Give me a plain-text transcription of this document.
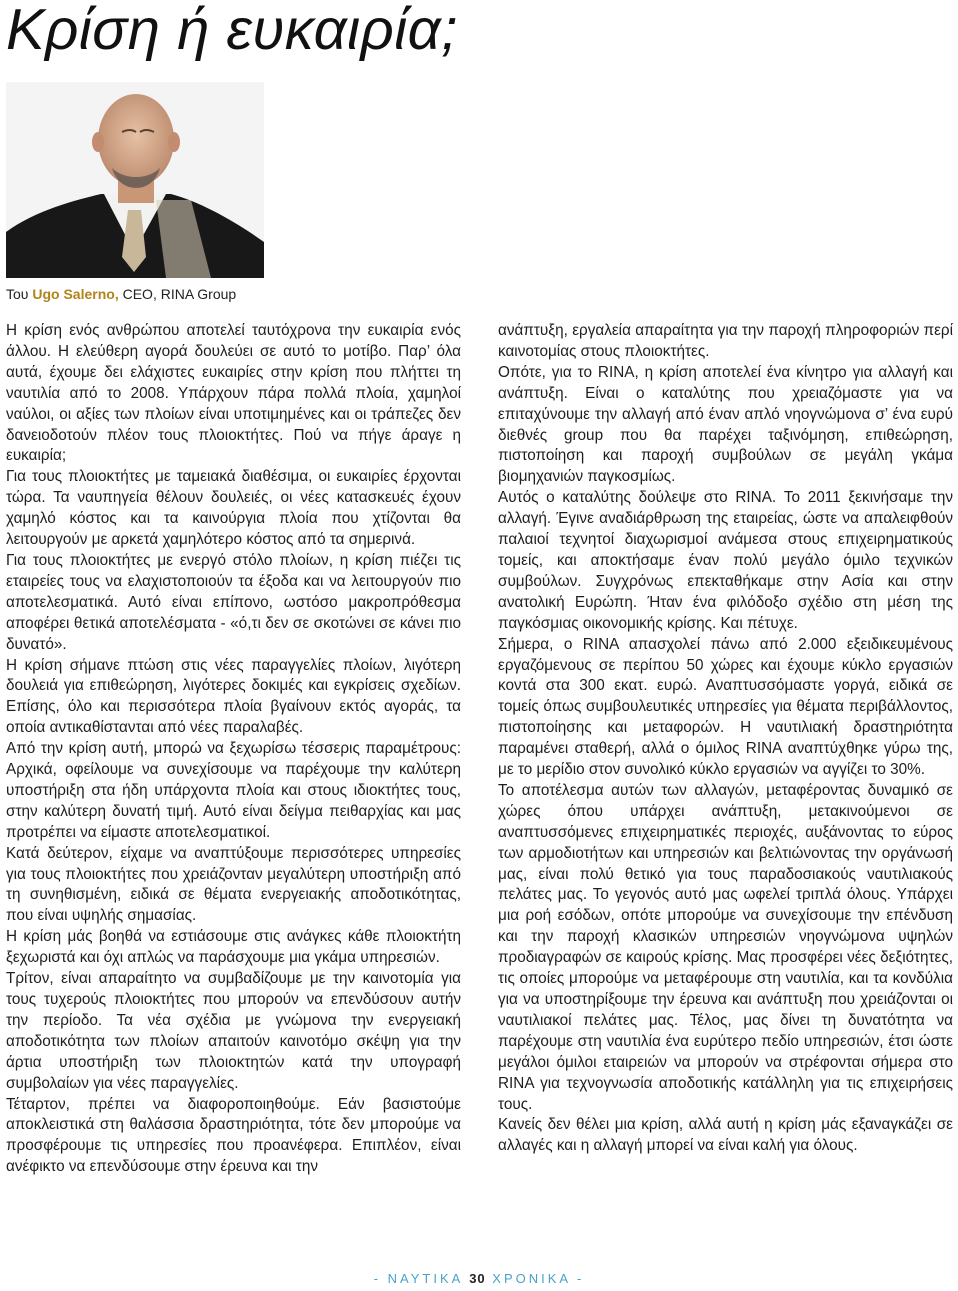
Κρίση ή ευκαιρία;
Του Ugo Salerno, CEO, RINA Group

Η κρίση ενός ανθρώπου αποτελεί ταυτόχρονα την ευκαιρία ενός άλλου. Η ελεύθερη αγορά δουλεύει σε αυτό το μοτίβο. Παρ’ όλα αυτά, έχουμε δει ελάχιστες ευκαιρίες στην κρίση που πλήττει τη ναυτιλία από το 2008. Υπάρχουν πάρα πολλά πλοία, χαμηλοί ναύλοι, οι αξίες των πλοίων είναι υποτιμημένες και οι τράπεζες δεν δανειοδοτούν πλέον τους πλοιοκτήτες. Πού να πήγε άραγε η ευκαιρία;

Για τους πλοιοκτήτες με ταμειακά διαθέσιμα, οι ευκαιρίες έρχονται τώρα. Τα ναυπηγεία θέλουν δουλειές, οι νέες κατασκευές έχουν χαμηλό κόστος και τα καινούργια πλοία που χτίζονται θα λειτουργούν με αρκετά χαμηλότερο κόστος από τα σημερινά.

Για τους πλοιοκτήτες με ενεργό στόλο πλοίων, η κρίση πιέζει τις εταιρείες τους να ελαχιστοποιούν τα έξοδα και να λειτουργούν πιο αποτελεσματικά. Αυτό είναι επίπονο, ωστόσο μακροπρόθεσμα αποφέρει θετικά αποτελέσματα - «ό,τι δεν σε σκοτώνει σε κάνει πιο δυνατό».

Η κρίση σήμανε πτώση στις νέες παραγγελίες πλοίων, λιγότερη δουλειά για επιθεώρηση, λιγότερες δοκιμές και εγκρίσεις σχεδίων. Επίσης, όλο και περισσότερα πλοία βγαίνουν εκτός αγοράς, τα οποία αντικαθίστανται από νέες παραλαβές.

Από την κρίση αυτή, μπορώ να ξεχωρίσω τέσσερις παραμέτρους: Αρχικά, οφείλουμε να συνεχίσουμε να παρέχουμε την καλύτερη υποστήριξη στα ήδη υπάρχοντα πλοία και στους ιδιοκτήτες τους, στην καλύτερη δυνατή τιμή. Αυτό είναι δείγμα πειθαρχίας και μας προτρέπει να είμαστε αποτελεσματικοί.

Κατά δεύτερον, είχαμε να αναπτύξουμε περισσότερες υπηρεσίες για τους πλοιοκτήτες που χρειάζονταν μεγαλύτερη υποστήριξη από τη συνηθισμένη, ειδικά σε θέματα ενεργειακής αποδοτικότητας, που είναι υψηλής σημασίας.

Η κρίση μάς βοηθά να εστιάσουμε στις ανάγκες κάθε πλοιοκτήτη ξεχωριστά και όχι απλώς να παράσχουμε μια γκάμα υπηρεσιών.

Τρίτον, είναι απαραίτητο να συμβαδίζουμε με την καινοτομία για τους τυχερούς πλοιοκτήτες που μπορούν να επενδύσουν αυτήν την περίοδο. Τα νέα σχέδια με γνώμονα την ενεργειακή αποδοτικότητα των πλοίων απαιτούν καινοτόμο σκέψη για την άρτια υποστήριξη των πλοιοκτητών κατά την υπογραφή συμβολαίων για νέες παραγγελίες.

Τέταρτον, πρέπει να διαφοροποιηθούμε. Εάν βασιστούμε αποκλειστικά στη θαλάσσια δραστηριότητα, τότε δεν μπορούμε να προσφέρουμε τις υπηρεσίες που προανέφερα. Επιπλέον, είναι ανέφικτο να επενδύσουμε στην έρευνα και την

ανάπτυξη, εργαλεία απαραίτητα για την παροχή πληροφοριών περί καινοτομίας στους πλοιοκτήτες.

Οπότε, για το RINA, η κρίση αποτελεί ένα κίνητρο για αλλαγή και ανάπτυξη. Είναι ο καταλύτης που χρειαζόμαστε για να επιταχύνουμε την αλλαγή από έναν απλό νηογνώμονα σ’ ένα ευρύ διεθνές group που θα παρέχει ταξινόμηση, επιθεώρηση, πιστοποίηση και παροχή συμβούλων σε μεγάλη γκάμα βιομηχανιών παγκοσμίως.

Αυτός ο καταλύτης δούλεψε στο RINA. Το 2011 ξεκινήσαμε την αλλαγή. Έγινε αναδιάρθρωση της εταιρείας, ώστε να απαλειφθούν παλαιοί τεχνητοί διαχωρισμοί ανάμεσα στους επιχειρηματικούς τομείς, και αποκτήσαμε έναν πολύ μεγάλο όμιλο τεχνικών συμβούλων. Συγχρόνως επεκταθήκαμε στην Ασία και στην ανατολική Ευρώπη. Ήταν ένα φιλόδοξο σχέδιο στη μέση της παγκόσμιας οικονομικής κρίσης. Και πέτυχε.

Σήμερα, ο RINA απασχολεί πάνω από 2.000 εξειδικευμένους εργαζόμενους σε περίπου 50 χώρες και έχουμε κύκλο εργασιών κοντά στα 300 εκατ. ευρώ. Αναπτυσσόμαστε γοργά, ειδικά σε τομείς όπως συμβουλευτικές υπηρεσίες για θέματα περιβάλλοντος, πιστοποίησης και μεταφορών. Η ναυτιλιακή δραστηριότητα παραμένει σταθερή, αλλά ο όμιλος RINA αναπτύχθηκε γύρω της, με το μερίδιο στον συνολικό κύκλο εργασιών να αγγίζει το 30%.

Το αποτέλεσμα αυτών των αλλαγών, μεταφέροντας δυναμικό σε χώρες όπου υπάρχει ανάπτυξη, μετακινούμενοι σε αναπτυσσόμενες επιχειρηματικές περιοχές, αυξάνοντας το εύρος των αρμοδιοτήτων και υπηρεσιών και βελτιώνοντας την οργάνωσή μας, είναι πολύ θετικό για τους παραδοσιακούς ναυτιλιακούς πελάτες μας. Το γεγονός αυτό μας ωφελεί τριπλά όλους. Υπάρχει μια ροή εσόδων, οπότε μπορούμε να συνεχίσουμε την επένδυση και την παροχή κλασικών υπηρεσιών νηογνώμονα υψηλών προδιαγραφών σε καιρούς κρίσης. Μας προσφέρει νέες δεξιότητες, τις οποίες μπορούμε να μεταφέρουμε στη ναυτιλία, και τα κονδύλια για να υποστηρίξουμε την έρευνα και ανάπτυξη που χρειάζονται οι ναυτιλιακοί πελάτες μας. Τέλος, μας δίνει τη δυνατότητα να παρέχουμε στη ναυτιλία ένα ευρύτερο πεδίο υπηρεσιών, έτσι ώστε μεγάλοι όμιλοι εταιρειών να μπορούν να στρέφονται σήμερα στο RINA για τεχνογνωσία αποδοτικής κατάλληλη για τις επιχειρήσεις τους.

Κανείς δεν θέλει μια κρίση, αλλά αυτή η κρίση μάς εξαναγκάζει σε αλλαγές και η αλλαγή μπορεί να είναι καλή για όλους.

- ΝΑΥΤΙΚΑ 30 ΧΡΟΝΙΚΑ -
